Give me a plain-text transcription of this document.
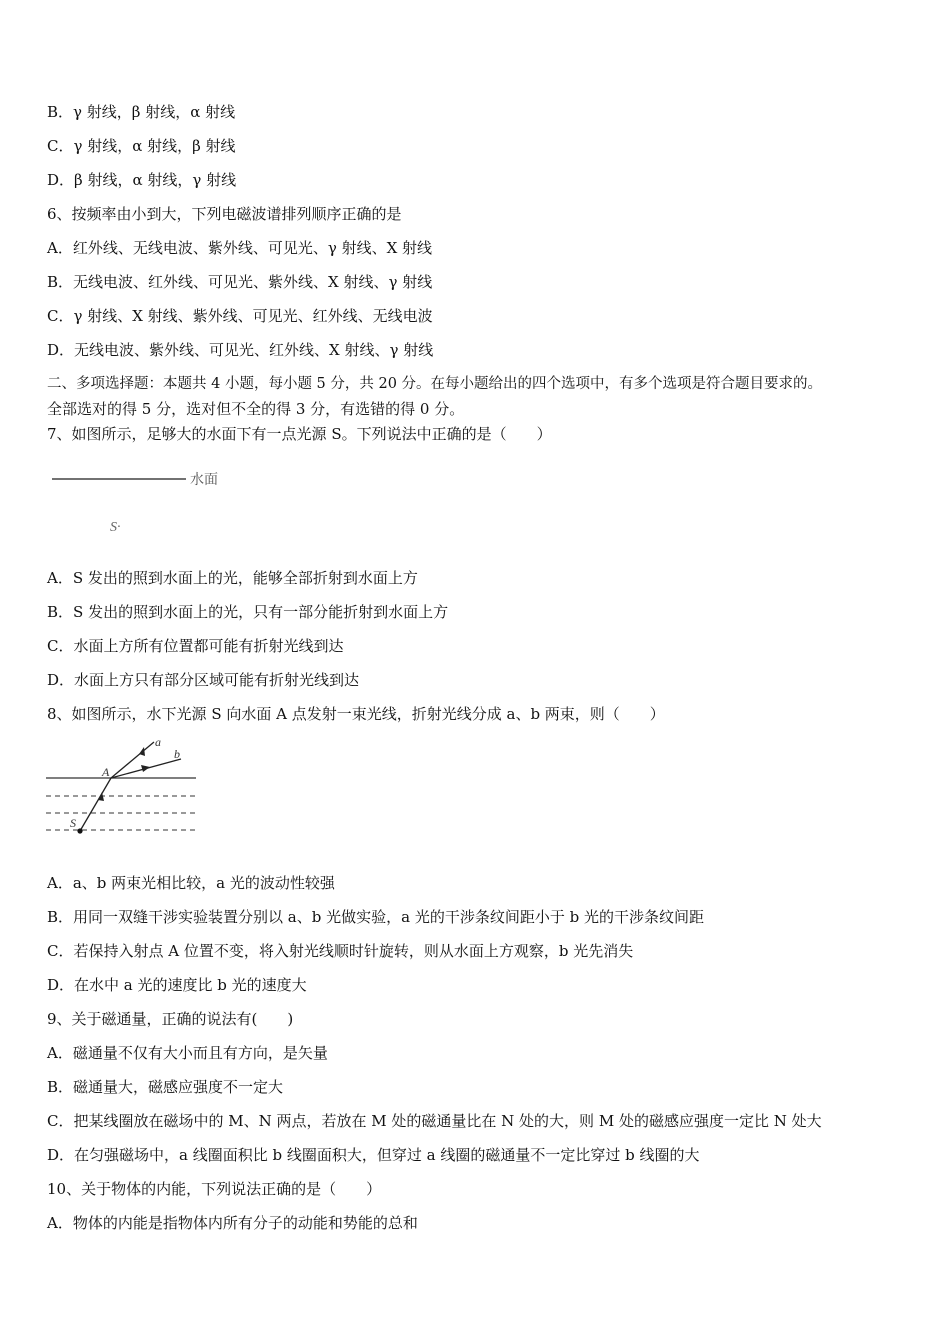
B．γ 射线，β 射线，α 射线
C．γ 射线，α 射线，β 射线
D．β 射线，α 射线，γ 射线
6、按频率由小到大，下列电磁波谱排列顺序正确的是
A．红外线、无线电波、紫外线、可见光、γ 射线、X 射线
B．无线电波、红外线、可见光、紫外线、X 射线、γ 射线
C．γ 射线、X 射线、紫外线、可见光、红外线、无线电波
D．无线电波、紫外线、可见光、红外线、X 射线、γ 射线
二、多项选择题：本题共 4 小题，每小题 5 分，共 20 分。在每小题给出的四个选项中，有多个选项是符合题目要求的。
全部选对的得 5 分，选对但不全的得 3 分，有选错的得 0 分。
7、如图所示，足够大的水面下有一点光源 S。下列说法中正确的是（　　）
水面
S·
A．S 发出的照到水面上的光，能够全部折射到水面上方
B．S 发出的照到水面上的光，只有一部分能折射到水面上方
C．水面上方所有位置都可能有折射光线到达
D．水面上方只有部分区域可能有折射光线到达
8、如图所示，水下光源 S 向水面 A 点发射一束光线，折射光线分成 a、b 两束，则（　　）
a
b
A
S
A．a、b 两束光相比较，a 光的波动性较强
B．用同一双缝干涉实验装置分别以 a、b 光做实验，a 光的干涉条纹间距小于 b 光的干涉条纹间距
C．若保持入射点 A 位置不变，将入射光线顺时针旋转，则从水面上方观察，b 光先消失
D．在水中 a 光的速度比 b 光的速度大
9、关于磁通量，正确的说法有(　　)
A．磁通量不仅有大小而且有方向，是矢量
B．磁通量大，磁感应强度不一定大
C．把某线圈放在磁场中的 M、N 两点，若放在 M 处的磁通量比在 N 处的大，则 M 处的磁感应强度一定比 N 处大
D．在匀强磁场中，a 线圈面积比 b 线圈面积大，但穿过 a 线圈的磁通量不一定比穿过 b 线圈的大
10、关于物体的内能，下列说法正确的是（　　）
A．物体的内能是指物体内所有分子的动能和势能的总和
